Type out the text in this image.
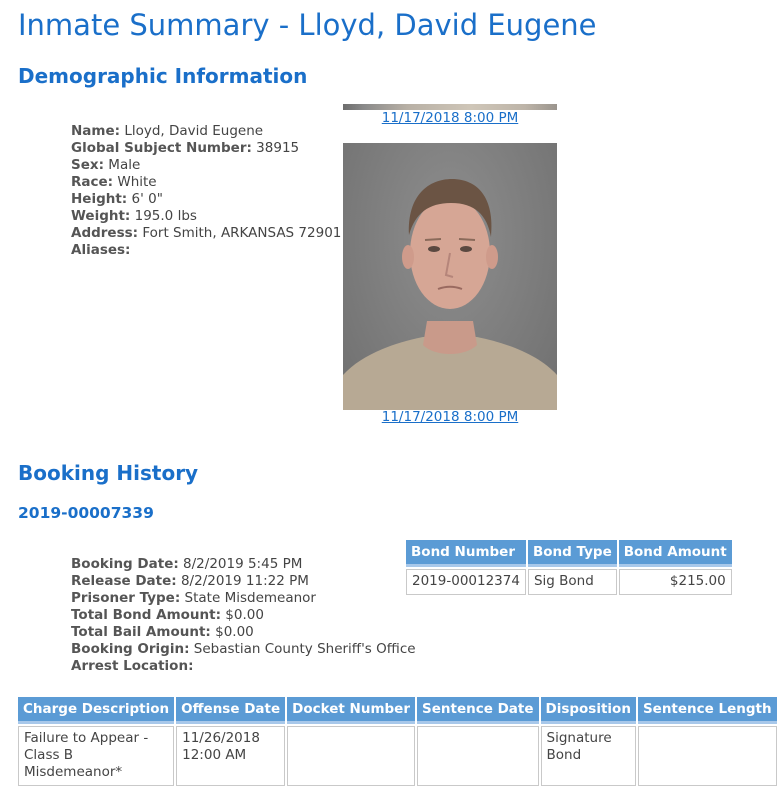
Inmate Summary - Lloyd, David Eugene
Demographic Information
Name: Lloyd, David Eugene
Global Subject Number: 38915
Sex: Male
Race: White
Height: 6' 0"
Weight: 195.0 lbs
Address: Fort Smith, ARKANSAS 72901
Aliases:
11/17/2018 8:00 PM
11/17/2018 8:00 PM
Booking History
2019-00007339
Booking Date: 8/2/2019 5:45 PM
Release Date: 8/2/2019 11:22 PM
Prisoner Type: State Misdemeanor
Total Bond Amount: $0.00
Total Bail Amount: $0.00
Booking Origin: Sebastian County Sheriff's Office
Arrest Location:
Bond Number	Bond Type	Bond Amount
2019-00012374	Sig Bond	$215.00
Charge Description	Offense Date	Docket Number	Sentence Date	Disposition	Sentence Length
Failure to Appear - Class B Misdemeanor*	11/26/2018 12:00 AM			Signature Bond	
